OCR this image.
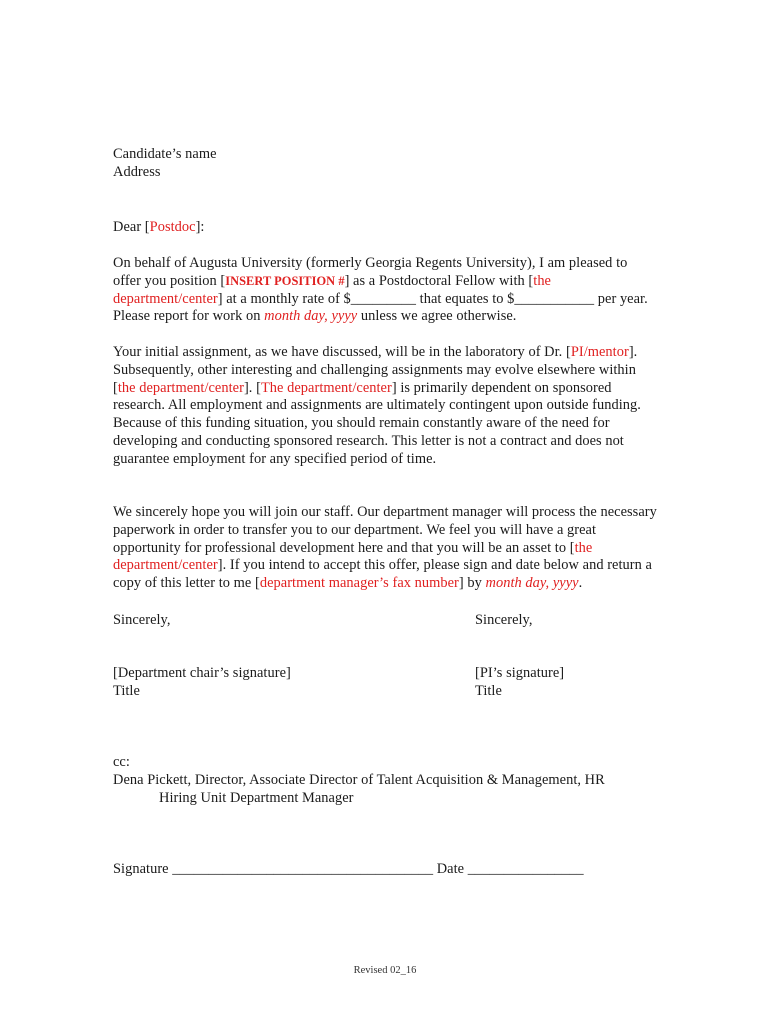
Candidate’s name

Address

Dear [Postdoc]:
On behalf of Augusta University (formerly Georgia Regents University), I am pleased to offer you position [INSERT POSITION #] as a Postdoctoral Fellow with [the department/center] at a monthly rate of $_________ that equates to $___________ per year. Please report for work on month day, yyyy unless we agree otherwise.
Your initial assignment, as we have discussed, will be in the laboratory of Dr. [PI/mentor]. Subsequently, other interesting and challenging assignments may evolve elsewhere within [the department/center]. [The department/center] is primarily dependent on sponsored research. All employment and assignments are ultimately contingent upon outside funding. Because of this funding situation, you should remain constantly aware of the need for developing and conducting sponsored research. This letter is not a contract and does not guarantee employment for any specified period of time.
We sincerely hope you will join our staff. Our department manager will process the necessary paperwork in order to transfer you to our department. We feel you will have a great opportunity for professional development here and that you will be an asset to [the department/center]. If you intend to accept this offer, please sign and date below and return a copy of this letter to me [department manager’s fax number] by month day, yyyy.

Sincerely,	Sincerely,

[Department chair’s signature]

Title

[PI’s signature]

Title

cc:

Dena Pickett, Director, Associate Director of Talent Acquisition & Management, HR

Hiring Unit Department Manager

Signature ____________________________________ Date ________________
Revised 02_16
